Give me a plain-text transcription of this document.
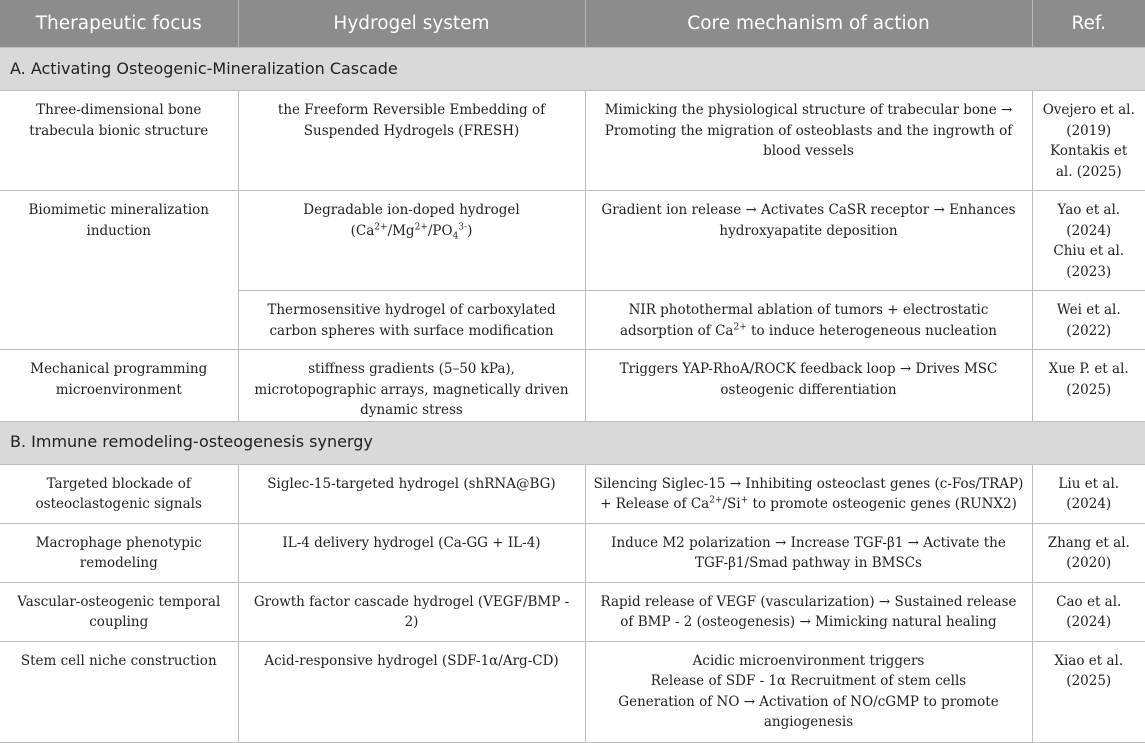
Therapeutic focus	Hydrogel system	Core mechanism of action	Ref.
A. Activating Osteogenic-Mineralization Cascade			
Three-dimensional bone trabecula bionic structure	the Freeform Reversible Embedding of Suspended Hydrogels (FRESH)	Mimicking the physiological structure of trabecular bone → Promoting the migration of osteoblasts and the ingrowth of blood vessels	Ovejero et al. (2019)
Kontakis et al. (2025)

Biomimetic mineralization induction	Degradable ion-doped hydrogel $(Ca^{2+}/Mg^{2+}/PO_4^{3-})$	Gradient ion release → Activates CaSR receptor → Enhances hydroxyapatite deposition	Yao et al. (2024)
Chiu et al. (2023)

	Thermosensitive hydrogel of carboxylated carbon spheres with surface modification	NIR photothermal ablation of tumors + electrostatic adsorption of $Ca^{2+}$ to induce heterogeneous nucleation	Wei et al. (2022)
Mechanical programming microenvironment	stiffness gradients (5–50 kPa), microtopographic arrays, magnetically driven dynamic stress	Triggers YAP-RhoA/ROCK feedback loop → Drives MSC osteogenic differentiation	Xue P. et al. (2025)
B. Immune remodeling-osteogenesis synergy			
Targeted blockade of osteoclastogenic signals	Siglec-15-targeted hydrogel (shRNA@BG)	Silencing Siglec-15 → Inhibiting osteoclast genes (c-Fos/TRAP) + Release of $Ca^{2+}/Si^+$ to promote osteogenic genes (RUNX2)	Liu et al. (2024)
Macrophage phenotypic remodeling	IL-4 delivery hydrogel (Ca-GG + IL-4)	Induce M2 polarization → Increase TGF-β1 → Activate the TGF-β1/Smad pathway in BMSCs	Zhang et al. (2020)
Vascular-osteogenic temporal coupling	Growth factor cascade hydrogel (VEGF/BMP - 2)	Rapid release of VEGF (vascularization) → Sustained release of BMP - 2 (osteogenesis) → Mimicking natural healing	Cao et al. (2024)
Stem cell niche construction	Acid-responsive hydrogel (SDF-1α/Arg-CD)	Acidic microenvironment triggers
Release of SDF - 1α Recruitment of stem cells
Generation of NO → Activation of NO/cGMP to promote angiogenesis	Xiao et al. (2025)
